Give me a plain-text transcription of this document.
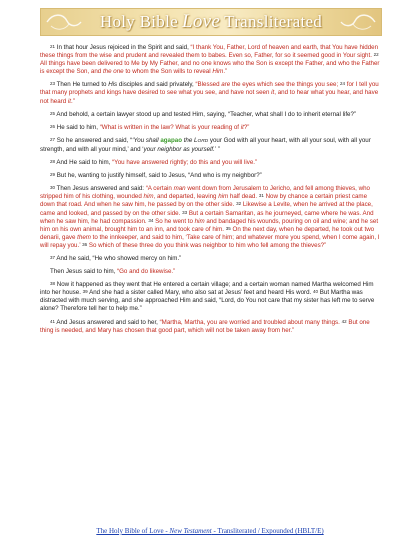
Holy Bible Love Transliterated

$^{21}$ In that hour Jesus rejoiced in the Spirit and said, “I thank You, Father, Lord of heaven and earth, that You have hidden these things from the wise and prudent and revealed them to babes. Even so, Father, for so it seemed good in Your sight. $^{22}$ All things have been delivered to Me by My Father, and no one knows who the Son is except the Father, and who the Father is except the Son, and the one to whom the Son wills to reveal Him.”

$^{23}$ Then He turned to His disciples and said privately, “Blessed are the eyes which see the things you see; $^{24}$ for I tell you that many prophets and kings have desired to see what you see, and have not seen it, and to hear what you hear, and have not heard it.”

$^{25}$ And behold, a certain lawyer stood up and tested Him, saying, “Teacher, what shall I do to inherit eternal life?”

$^{26}$ He said to him, “What is written in the law? What is your reading of it?”

$^{27}$ So he answered and said, “‘You shall agapao the LORD your God with all your heart, with all your soul, with all your strength, and with all your mind,’ and ‘your neighbor as yourself.’ ”

$^{28}$ And He said to him, “You have answered rightly; do this and you will live.”

$^{29}$ But he, wanting to justify himself, said to Jesus, “And who is my neighbor?”

$^{30}$ Then Jesus answered and said: “A certain man went down from Jerusalem to Jericho, and fell among thieves, who stripped him of his clothing, wounded him, and departed, leaving him half dead. $^{31}$ Now by chance a certain priest came down that road. And when he saw him, he passed by on the other side. $^{32}$ Likewise a Levite, when he arrived at the place, came and looked, and passed by on the other side. $^{33}$ But a certain Samaritan, as he journeyed, came where he was. And when he saw him, he had compassion. $^{34}$ So he went to him and bandaged his wounds, pouring on oil and wine; and he set him on his own animal, brought him to an inn, and took care of him. $^{35}$ On the next day, when he departed, he took out two denarii, gave them to the innkeeper, and said to him, ‘Take care of him; and whatever more you spend, when I come again, I will repay you.’ $^{36}$ So which of these three do you think was neighbor to him who fell among the thieves?”

$^{37}$ And he said, “He who showed mercy on him.”

Then Jesus said to him, “Go and do likewise.”

$^{38}$ Now it happened as they went that He entered a certain village; and a certain woman named Martha welcomed Him into her house. $^{39}$ And she had a sister called Mary, who also sat at Jesus’ feet and heard His word. $^{40}$ But Martha was distracted with much serving, and she approached Him and said, “Lord, do You not care that my sister has left me to serve alone? Therefore tell her to help me.”

$^{41}$ And Jesus answered and said to her, “Martha, Martha, you are worried and troubled about many things. $^{42}$ But one thing is needed, and Mary has chosen that good part, which will not be taken away from her.”

The Holy Bible of Love - New Testament - Transliterated / Expounded (HBLT/E)
